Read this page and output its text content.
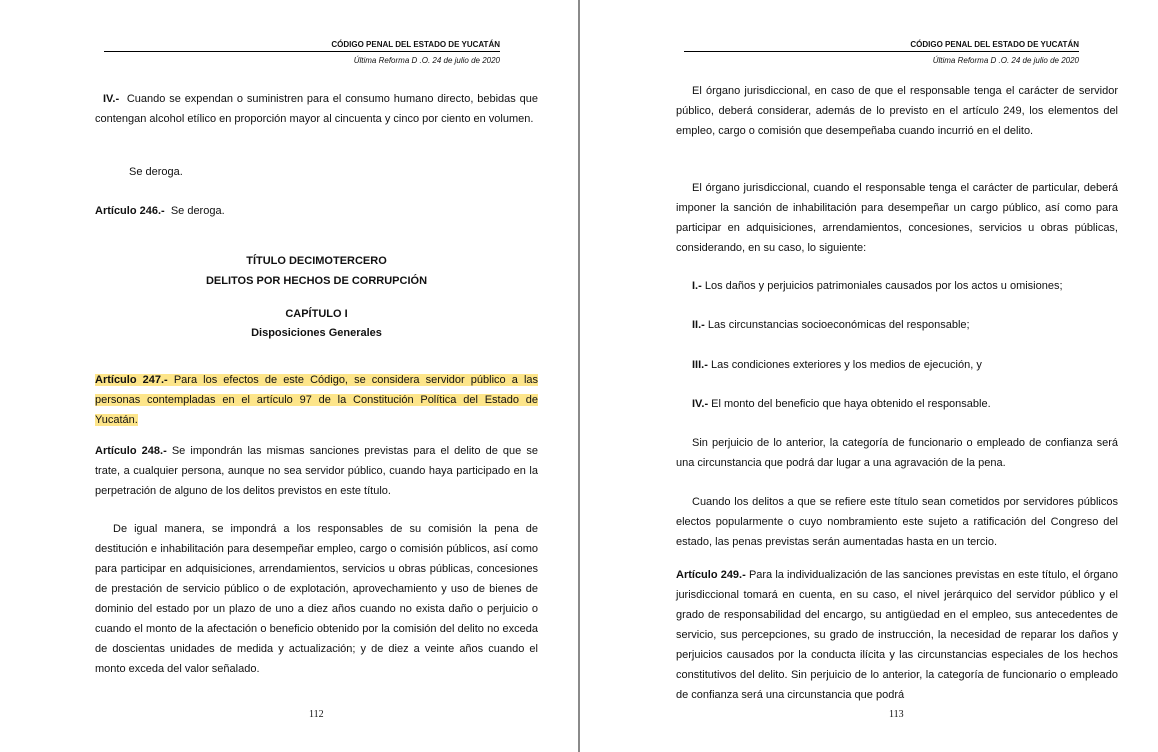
CÓDIGO PENAL DEL ESTADO DE YUCATÁN
Última Reforma D .O. 24 de julio de 2020
IV.- Cuando se expendan o suministren para el consumo humano directo, bebidas que contengan alcohol etílico en proporción mayor al cincuenta y cinco por ciento en volumen.
Se deroga.
Artículo 246.- Se deroga.
TÍTULO DECIMOTERCERO
DELITOS POR HECHOS DE CORRUPCIÓN
CAPÍTULO I
Disposiciones Generales
Artículo 247.- Para los efectos de este Código, se considera servidor público a las personas contempladas en el artículo 97 de la Constitución Política del Estado de Yucatán.
Artículo 248.- Se impondrán las mismas sanciones previstas para el delito de que se trate, a cualquier persona, aunque no sea servidor público, cuando haya participado en la perpetración de alguno de los delitos previstos en este título.
De igual manera, se impondrá a los responsables de su comisión la pena de destitución e inhabilitación para desempeñar empleo, cargo o comisión públicos, así como para participar en adquisiciones, arrendamientos, servicios u obras públicas, concesiones de prestación de servicio público o de explotación, aprovechamiento y uso de bienes de dominio del estado por un plazo de uno a diez años cuando no exista daño o perjuicio o cuando el monto de la afectación o beneficio obtenido por la comisión del delito no exceda de doscientas unidades de medida y actualización; y de diez a veinte años cuando el monto exceda del valor señalado.
112
CÓDIGO PENAL DEL ESTADO DE YUCATÁN
Última Reforma D .O. 24 de julio de 2020
El órgano jurisdiccional, en caso de que el responsable tenga el carácter de servidor público, deberá considerar, además de lo previsto en el artículo 249, los elementos del empleo, cargo o comisión que desempeñaba cuando incurrió en el delito.
El órgano jurisdiccional, cuando el responsable tenga el carácter de particular, deberá imponer la sanción de inhabilitación para desempeñar un cargo público, así como para participar en adquisiciones, arrendamientos, concesiones, servicios u obras públicas, considerando, en su caso, lo siguiente:
I.- Los daños y perjuicios patrimoniales causados por los actos u omisiones;
II.- Las circunstancias socioeconómicas del responsable;
III.- Las condiciones exteriores y los medios de ejecución, y
IV.- El monto del beneficio que haya obtenido el responsable.
Sin perjuicio de lo anterior, la categoría de funcionario o empleado de confianza será una circunstancia que podrá dar lugar a una agravación de la pena.
Cuando los delitos a que se refiere este título sean cometidos por servidores públicos electos popularmente o cuyo nombramiento este sujeto a ratificación del Congreso del estado, las penas previstas serán aumentadas hasta en un tercio.
Artículo 249.- Para la individualización de las sanciones previstas en este título, el órgano jurisdiccional tomará en cuenta, en su caso, el nivel jerárquico del servidor público y el grado de responsabilidad del encargo, su antigüedad en el empleo, sus antecedentes de servicio, sus percepciones, su grado de instrucción, la necesidad de reparar los daños y perjuicios causados por la conducta ilícita y las circunstancias especiales de los hechos constitutivos del delito. Sin perjuicio de lo anterior, la categoría de funcionario o empleado de confianza será una circunstancia que podrá
113
